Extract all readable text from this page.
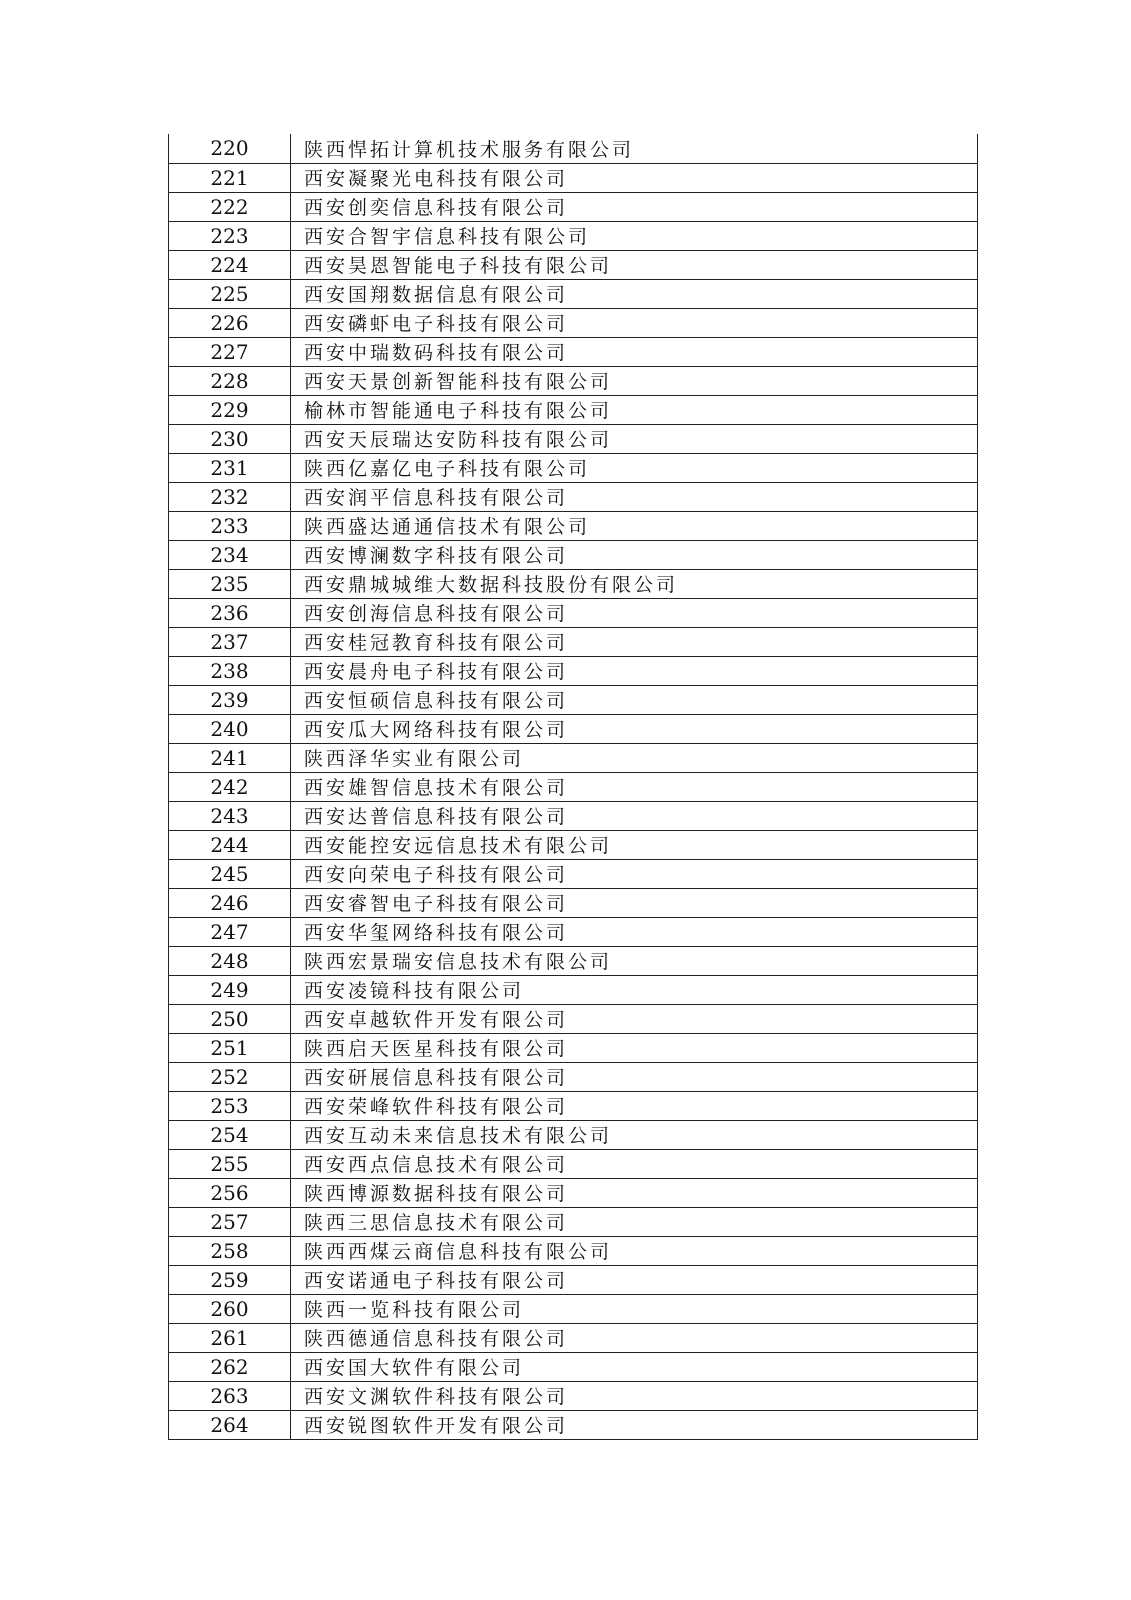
220	陕西悍拓计算机技术服务有限公司
221	西安凝聚光电科技有限公司
222	西安创奕信息科技有限公司
223	西安合智宇信息科技有限公司
224	西安昊恩智能电子科技有限公司
225	西安国翔数据信息有限公司
226	西安磷虾电子科技有限公司
227	西安中瑞数码科技有限公司
228	西安天景创新智能科技有限公司
229	榆林市智能通电子科技有限公司
230	西安天辰瑞达安防科技有限公司
231	陕西亿嘉亿电子科技有限公司
232	西安润平信息科技有限公司
233	陕西盛达通通信技术有限公司
234	西安博澜数字科技有限公司
235	西安鼎城城维大数据科技股份有限公司
236	西安创海信息科技有限公司
237	西安桂冠教育科技有限公司
238	西安晨舟电子科技有限公司
239	西安恒硕信息科技有限公司
240	西安瓜大网络科技有限公司
241	陕西泽华实业有限公司
242	西安雄智信息技术有限公司
243	西安达普信息科技有限公司
244	西安能控安远信息技术有限公司
245	西安向荣电子科技有限公司
246	西安睿智电子科技有限公司
247	西安华玺网络科技有限公司
248	陕西宏景瑞安信息技术有限公司
249	西安凌镜科技有限公司
250	西安卓越软件开发有限公司
251	陕西启天医星科技有限公司
252	西安研展信息科技有限公司
253	西安荣峰软件科技有限公司
254	西安互动未来信息技术有限公司
255	西安西点信息技术有限公司
256	陕西博源数据科技有限公司
257	陕西三思信息技术有限公司
258	陕西西煤云商信息科技有限公司
259	西安诺通电子科技有限公司
260	陕西一览科技有限公司
261	陕西德通信息科技有限公司
262	西安国大软件有限公司
263	西安文渊软件科技有限公司
264	西安锐图软件开发有限公司
